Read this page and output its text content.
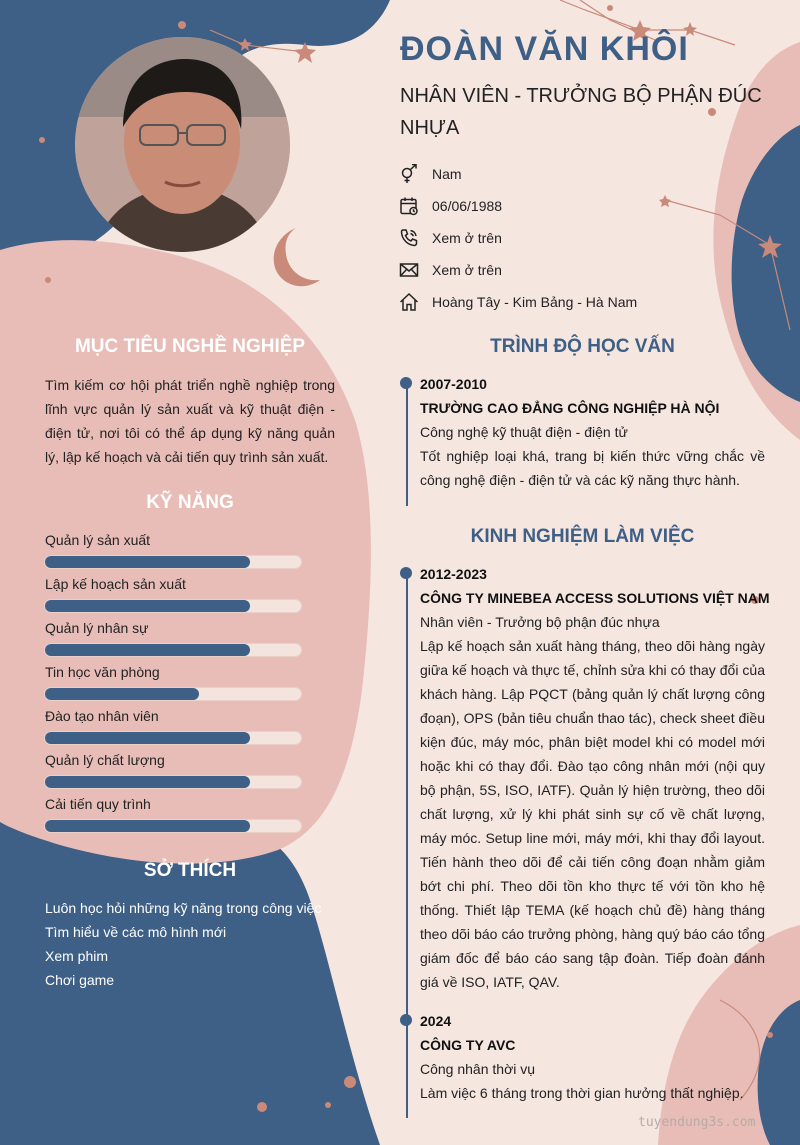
ĐOÀN VĂN KHÔI

NHÂN VIÊN - TRƯỞNG BỘ PHẬN ĐÚC NHỰA

Nam
06/06/1988
Xem ở trên
Xem ở trên
Hoàng Tây - Kim Bảng - Hà Nam
MỤC TIÊU NGHỀ NGHIỆP

Tìm kiếm cơ hội phát triển nghề nghiệp trong lĩnh vực quản lý sản xuất và kỹ thuật điện - điện tử, nơi tôi có thể áp dụng kỹ năng quản lý, lập kế hoạch và cải tiến quy trình sản xuất.

KỸ NĂNG
Quản lý sản xuất
Lập kế hoạch sản xuất
Quản lý nhân sự
Tin học văn phòng
Đào tạo nhân viên
Quản lý chất lượng
Cải tiến quy trình
SỞ THÍCH
Luôn học hỏi những kỹ năng trong công việc
Tìm hiểu về các mô hình mới
Xem phim
Chơi game
TRÌNH ĐỘ HỌC VẤN
2007-2010
TRƯỜNG CAO ĐẲNG CÔNG NGHIỆP HÀ NỘI
Công nghệ kỹ thuật điện - điện tử
Tốt nghiệp loại khá, trang bị kiến thức vững chắc về công nghệ điện - điện tử và các kỹ năng thực hành.
KINH NGHIỆM LÀM VIỆC
2012-2023
CÔNG TY MINEBEA ACCESS SOLUTIONS VIỆT NAM
Nhân viên - Trưởng bộ phận đúc nhựa
Lập kế hoạch sản xuất hàng tháng, theo dõi hàng ngày giữa kế hoạch và thực tế, chỉnh sửa khi có thay đổi của khách hàng. Lập PQCT (bảng quản lý chất lượng công đoạn), OPS (bản tiêu chuẩn thao tác), check sheet điều kiện đúc, máy móc, phân biệt model khi có model mới hoặc khi có thay đổi. Đào tạo công nhân mới (nội quy bộ phận, 5S, ISO, IATF). Quản lý hiện trường, theo dõi chất lượng, xử lý khi phát sinh sự cố về chất lượng, máy móc. Setup line mới, máy mới, khi thay đổi layout. Tiến hành theo dõi để cải tiến công đoạn nhằm giảm bớt chi phí. Theo dõi tồn kho thực tế với tồn kho hệ thống. Thiết lập TEMA (kế hoạch chủ đề) hàng tháng theo dõi báo cáo trưởng phòng, hàng quý báo cáo tổng giám đốc để báo cáo sang tập đoàn. Tiếp đoàn đánh giá về ISO, IATF, QAV.
2024
CÔNG TY AVC
Công nhân thời vụ
Làm việc 6 tháng trong thời gian hưởng thất nghiệp.
tuyendung3s.com
